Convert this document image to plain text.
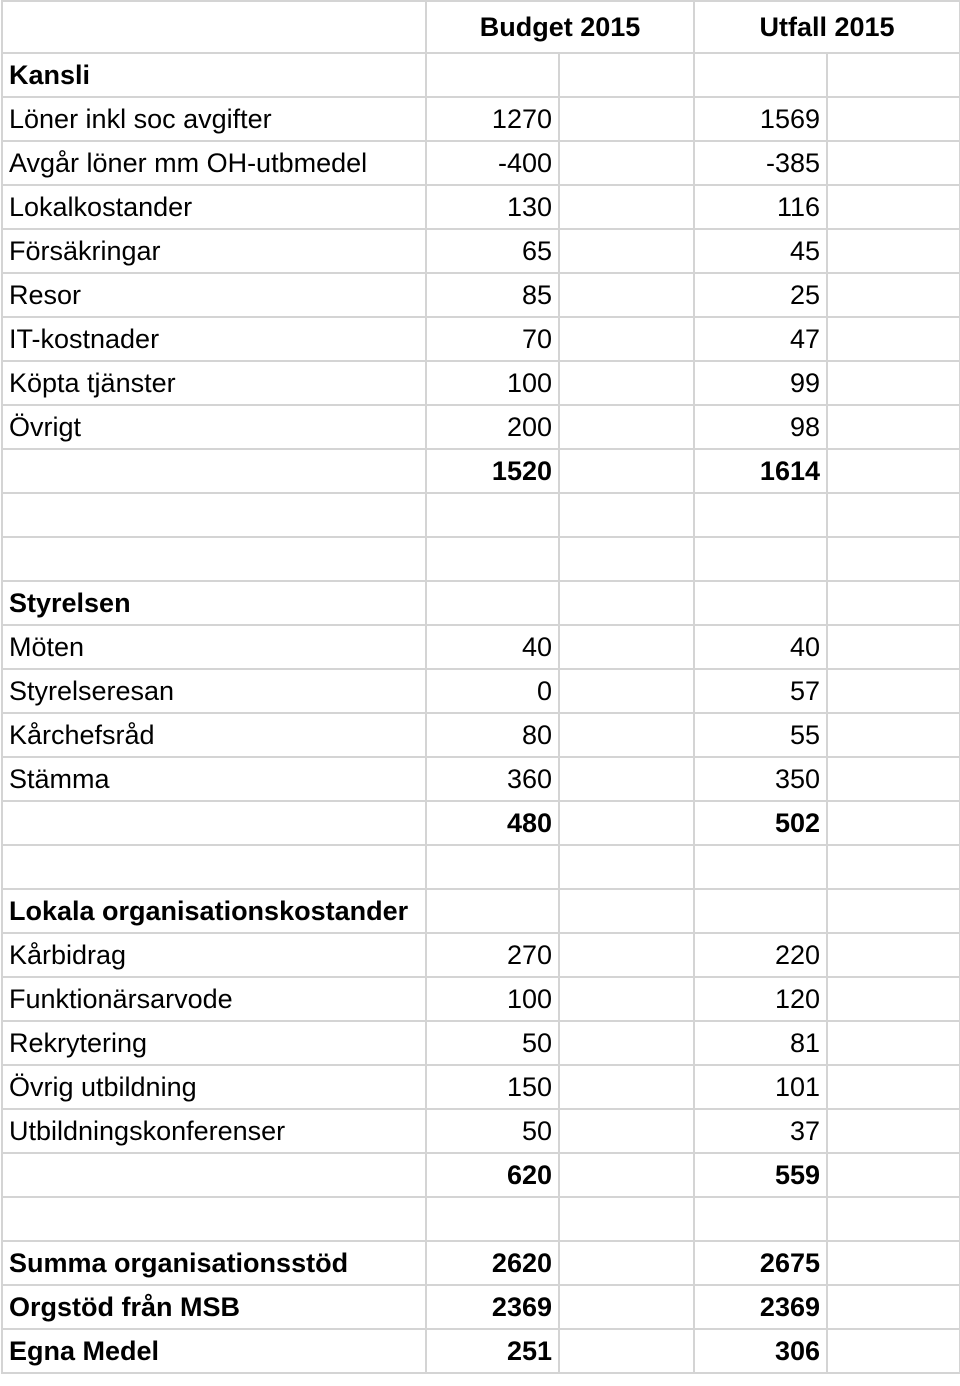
	Budget 2015		Utfall 2015	
Kansli				
Löner inkl soc avgifter	1270		1569	
Avgår löner mm OH-utbmedel	-400		-385	
Lokalkostander	130		116	
Försäkringar	65		45	
Resor	85		25	
IT-kostnader	70		47	
Köpta tjänster	100		99	
Övrigt	200		98	
	1520		1614	

Styrelsen				
Möten	40		40	
Styrelseresan	0		57	
Kårchefsråd	80		55	
Stämma	360		350	
	480		502	

Lokala organisationskostander				
Kårbidrag	270		220	
Funktionärsarvode	100		120	
Rekrytering	50		81	
Övrig utbildning	150		101	
Utbildningskonferenser	50		37	
	620		559	

Summa organisationsstöd	2620		2675	
Orgstöd från MSB	2369		2369	
Egna Medel	251		306	
